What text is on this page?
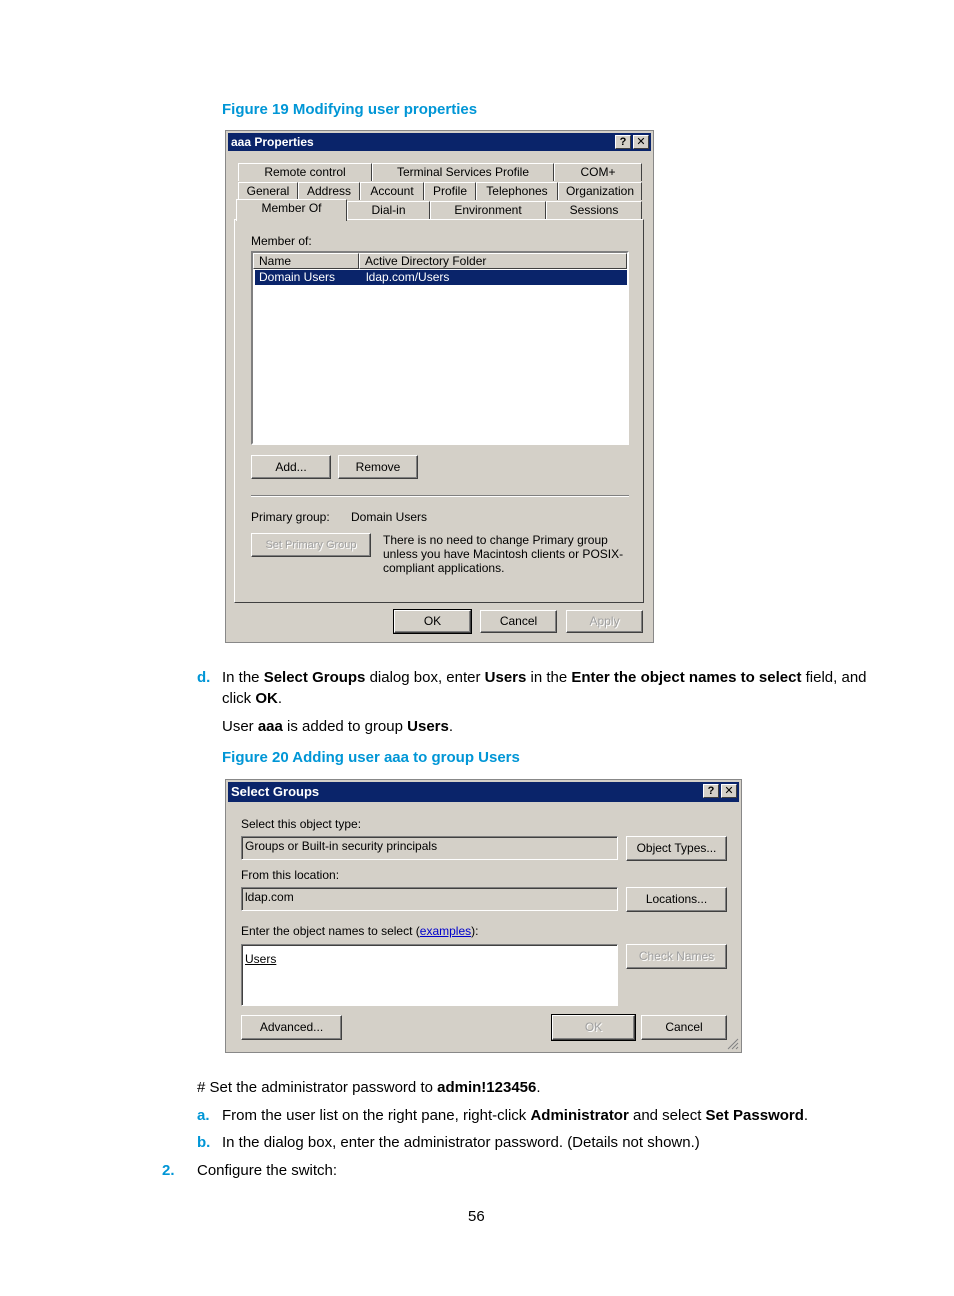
Figure 19 Modifying user properties
aaa Properties	? ✕
Remote control	Terminal Services Profile	COM+
General	Address	Account	Profile	Telephones	Organization
Member Of	Dial-in	Environment	Sessions
Member of:
Name	Active Directory Folder
Domain Users	ldap.com/Users
Add...	Remove
Primary group: Domain Users
Set Primary Group	There is no need to change Primary group unless you have Macintosh clients or POSIX-compliant applications.
OK	Cancel	Apply
d. In the Select Groups dialog box, enter Users in the Enter the object names to select field, and
click OK.
User aaa is added to group Users.
Figure 20 Adding user aaa to group Users
Select Groups	? ✕
Select this object type:
Groups or Built-in security principals	Object Types...
From this location:
ldap.com	Locations...
Enter the object names to select (examples):
Users	Check Names
Advanced...	OK	Cancel
# Set the administrator password to admin!123456.
a. From the user list on the right pane, right-click Administrator and select Set Password.
b. In the dialog box, enter the administrator password. (Details not shown.)
2. Configure the switch:
56
